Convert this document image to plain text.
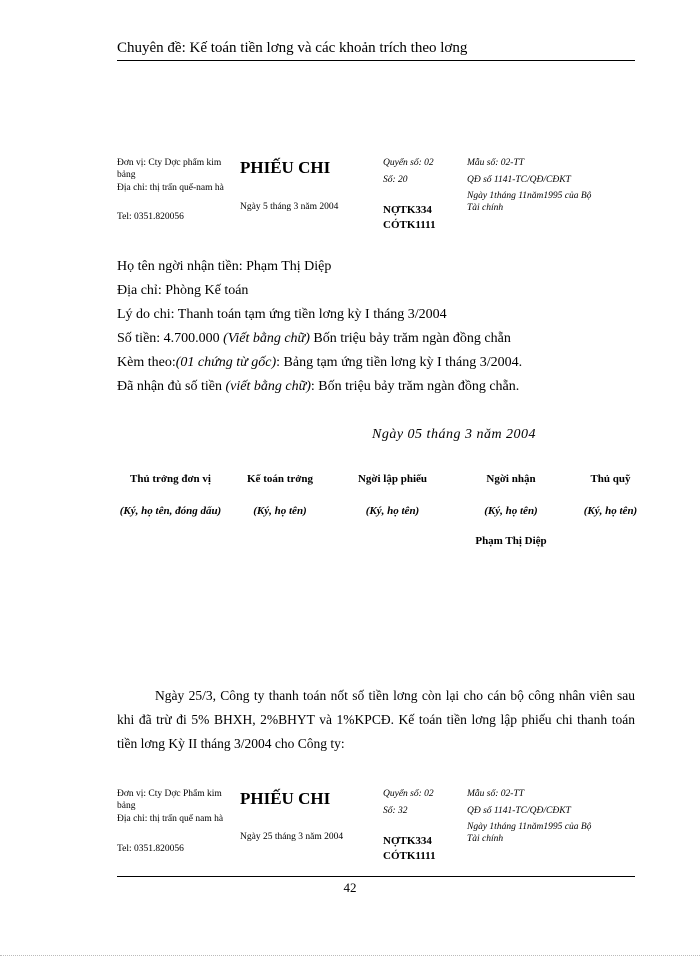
Chuyên đề: Kế toán tiền lơng và các khoản trích theo lơng
Đơn vị: Cty Dợc phẩm kim bảng
Địa chỉ: thị trấn quế-nam hà
Tel: 0351.820056
PHIẾU CHI
Ngày 5 tháng 3 năm 2004
Quyển số: 02
Số: 20
NỢTK334
CÓTK1111
Mẫu số: 02-TT
QĐ số 1141-TC/QĐ/CĐKT
Ngày 1tháng 11năm1995 của Bộ Tài chính
Họ tên ngời nhận tiền: Phạm Thị Diệp
Địa chỉ: Phòng Kế toán
Lý do chi: Thanh toán tạm ứng tiền lơng kỳ I tháng 3/2004
Số tiền: 4.700.000 (Viết bằng chữ) Bốn triệu bảy trăm ngàn đồng chẵn
Kèm theo:(01 chứng từ gốc): Bảng tạm ứng tiền lơng kỳ I tháng 3/2004.
Đã nhận đủ số tiền (viết bằng chữ): Bốn triệu bảy trăm ngàn đồng chẵn.
Ngày 05 tháng 3 năm 2004
Thủ trởng đơn vị
(Ký, họ tên, đóng dấu)
Kế toán trởng
(Ký, họ tên)
Ngời lập phiếu
(Ký, họ tên)
Ngời nhận
(Ký, họ tên)
Phạm Thị Diệp
Thủ quỹ
(Ký, họ tên)
Ngày 25/3, Công ty thanh toán nốt số tiền lơng còn lại cho cán bộ công nhân viên sau khi đã trừ đi 5% BHXH, 2%BHYT và 1%KPCĐ. Kế toán tiền lơng lập phiếu chi thanh toán tiền lơng Kỳ II tháng 3/2004 cho Công ty:
Đơn vị: Cty Dợc Phẩm kim bảng
Địa chỉ: thị trấn quế nam hà
Tel: 0351.820056
PHIẾU CHI
Ngày 25 tháng 3 năm 2004
Quyển số: 02
Số: 32
NỢTK334
CÓTK1111
Mẫu số: 02-TT
QĐ số 1141-TC/QĐ/CĐKT
Ngày 1tháng 11năm1995 của Bộ Tài chính
42
